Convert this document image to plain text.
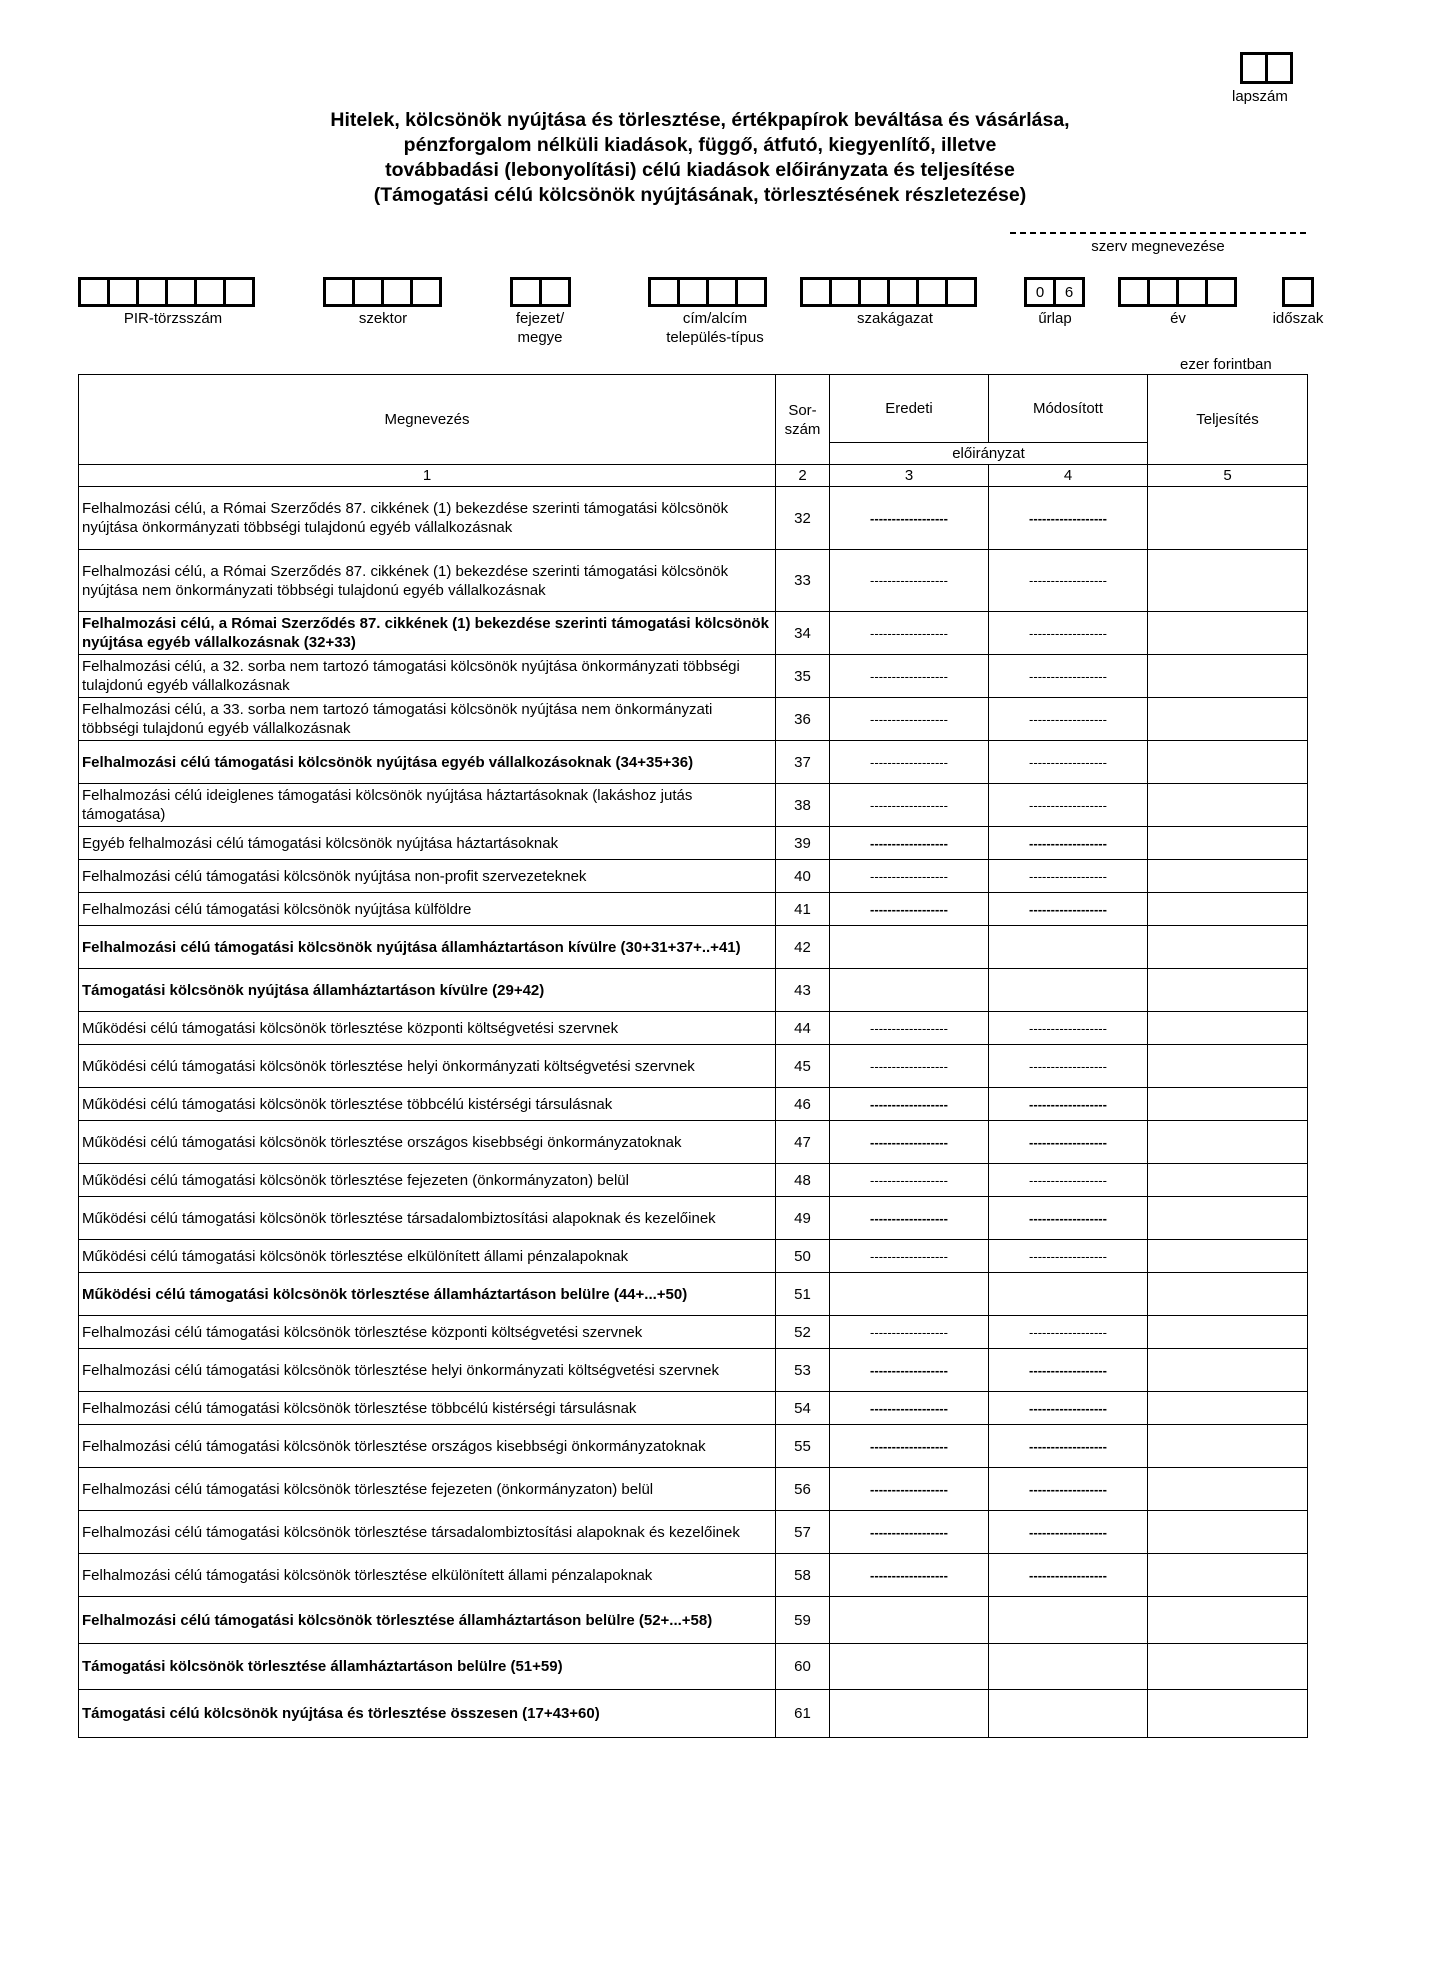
lapszám
Hitelek, kölcsönök nyújtása és törlesztése, értékpapírok beváltása és vásárlása,
pénzforgalom nélküli kiadások, függő, átfutó, kiegyenlítő, illetve
továbbadási (lebonyolítási) célú kiadások előirányzata és teljesítése
(Támogatási célú kölcsönök nyújtásának, törlesztésének részletezése)
szerv megnevezése
PIR-törzsszám	szektor	fejezet/
megye
cím/alcím
település-típus
szakágazat
0	6
űrlap	év	időszak
ezer forintban
Megnevezés	Sor-
szám	Eredeti	Módosított	Teljesítés
		előirányzat		
1	2	3	4	5
Felhalmozási célú, a Római Szerződés 87. cikkének (1) bekezdése szerinti támogatási kölcsönök nyújtása önkormányzati többségi tulajdonú egyéb vállalkozásnak	32	------------------	------------------	
Felhalmozási célú, a Római Szerződés 87. cikkének (1) bekezdése szerinti támogatási kölcsönök nyújtása nem önkormányzati többségi tulajdonú egyéb vállalkozásnak	33	------------------	------------------	
Felhalmozási célú, a Római Szerződés 87. cikkének (1) bekezdése szerinti támogatási kölcsönök nyújtása egyéb vállalkozásnak (32+33)	34	------------------	------------------	
Felhalmozási célú, a 32. sorba nem tartozó támogatási kölcsönök nyújtása önkormányzati többségi tulajdonú egyéb vállalkozásnak	35	------------------	------------------	
Felhalmozási célú, a 33. sorba nem tartozó támogatási kölcsönök nyújtása nem önkormányzati többségi tulajdonú egyéb vállalkozásnak	36	------------------	------------------	
Felhalmozási célú támogatási kölcsönök nyújtása egyéb vállalkozásoknak (34+35+36)	37	------------------	------------------	
Felhalmozási célú ideiglenes támogatási kölcsönök nyújtása háztartásoknak (lakáshoz jutás támogatása)	38	------------------	------------------	
Egyéb felhalmozási célú támogatási kölcsönök nyújtása háztartásoknak	39	------------------	------------------	
Felhalmozási célú támogatási kölcsönök nyújtása non-profit szervezeteknek	40	------------------	------------------	
Felhalmozási célú támogatási kölcsönök nyújtása külföldre	41	------------------	------------------	
Felhalmozási célú támogatási kölcsönök nyújtása államháztartáson kívülre (30+31+37+..+41)	42			
Támogatási kölcsönök nyújtása államháztartáson kívülre (29+42)	43			
Működési célú támogatási kölcsönök törlesztése központi költségvetési szervnek	44	------------------	------------------	
Működési célú támogatási kölcsönök törlesztése helyi önkormányzati költségvetési szervnek	45	------------------	------------------	
Működési célú támogatási kölcsönök törlesztése többcélú kistérségi társulásnak	46	------------------	------------------	
Működési célú támogatási kölcsönök törlesztése országos kisebbségi önkormányzatoknak	47	------------------	------------------	
Működési célú támogatási kölcsönök törlesztése fejezeten (önkormányzaton) belül	48	------------------	------------------	
Működési célú támogatási kölcsönök törlesztése társadalombiztosítási alapoknak és kezelőinek	49	------------------	------------------	
Működési célú támogatási kölcsönök törlesztése elkülönített állami pénzalapoknak	50	------------------	------------------	
Működési célú támogatási kölcsönök törlesztése államháztartáson belülre (44+...+50)	51			
Felhalmozási célú támogatási kölcsönök törlesztése központi költségvetési szervnek	52	------------------	------------------	
Felhalmozási célú támogatási kölcsönök törlesztése helyi önkormányzati költségvetési szervnek	53	------------------	------------------	
Felhalmozási célú támogatási kölcsönök törlesztése többcélú kistérségi társulásnak	54	------------------	------------------	
Felhalmozási célú támogatási kölcsönök törlesztése országos kisebbségi önkormányzatoknak	55	------------------	------------------	
Felhalmozási célú támogatási kölcsönök törlesztése fejezeten (önkormányzaton) belül	56	------------------	------------------	
Felhalmozási célú támogatási kölcsönök törlesztése társadalombiztosítási alapoknak és kezelőinek	57	------------------	------------------	
Felhalmozási célú támogatási kölcsönök törlesztése elkülönített állami pénzalapoknak	58	------------------	------------------	
Felhalmozási célú támogatási kölcsönök törlesztése államháztartáson belülre (52+...+58)	59			
Támogatási kölcsönök törlesztése államháztartáson belülre (51+59)	60			
Támogatási célú kölcsönök nyújtása és törlesztése összesen (17+43+60)	61			
